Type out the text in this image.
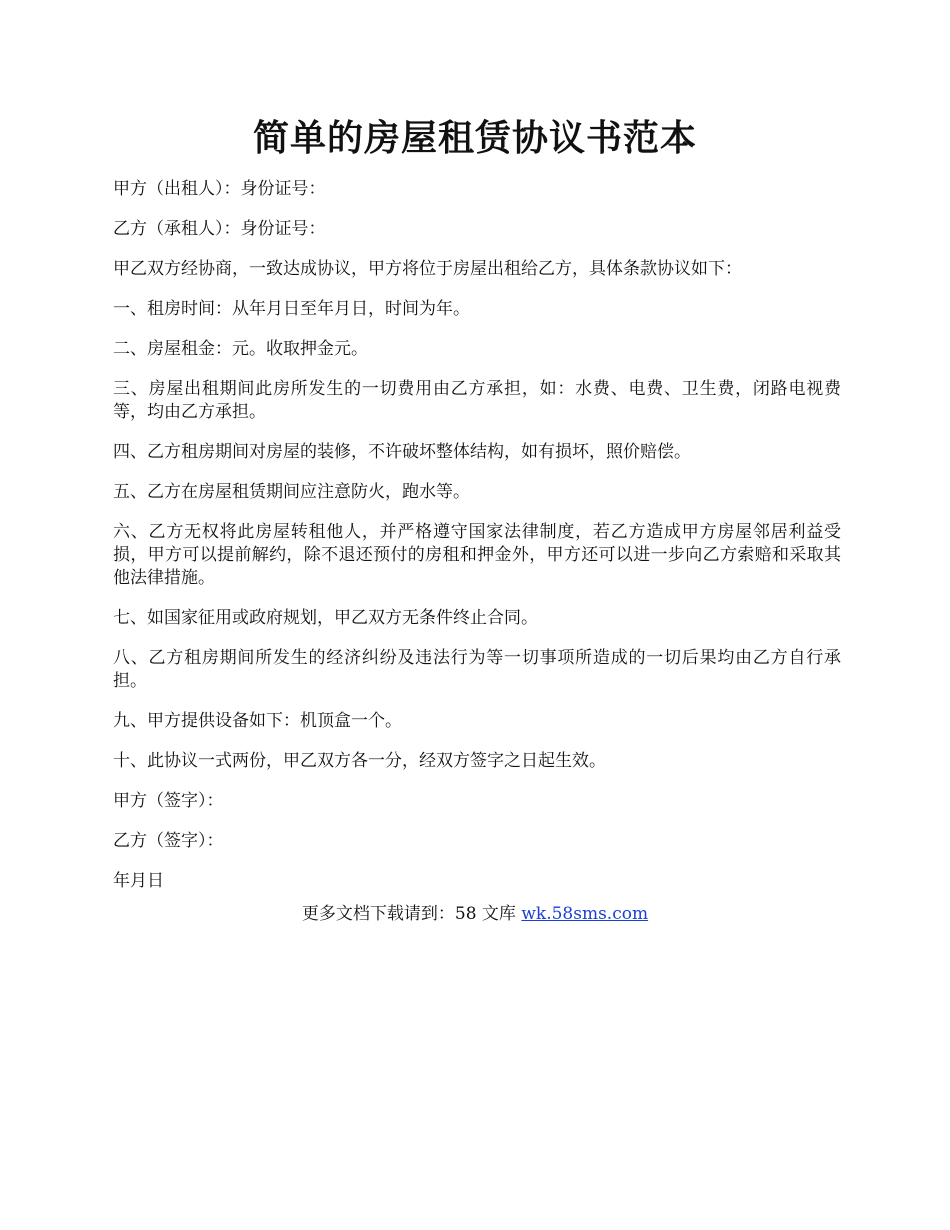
简单的房屋租赁协议书范本

甲方（出租人）：身份证号：

乙方（承租人）：身份证号：

甲乙双方经协商，一致达成协议，甲方将位于房屋出租给乙方，具体条款协议如下：

一、租房时间：从年月日至年月日，时间为年。

二、房屋租金：元。收取押金元。

三、房屋出租期间此房所发生的一切费用由乙方承担，如：水费、电费、卫生费，闭路电视费等，均由乙方承担。

四、乙方租房期间对房屋的装修，不许破坏整体结构，如有损坏，照价赔偿。

五、乙方在房屋租赁期间应注意防火，跑水等。

六、乙方无权将此房屋转租他人，并严格遵守国家法律制度，若乙方造成甲方房屋邻居利益受损，甲方可以提前解约，除不退还预付的房租和押金外，甲方还可以进一步向乙方索赔和采取其他法律措施。

七、如国家征用或政府规划，甲乙双方无条件终止合同。

八、乙方租房期间所发生的经济纠纷及违法行为等一切事项所造成的一切后果均由乙方自行承担。

九、甲方提供设备如下：机顶盒一个。

十、此协议一式两份，甲乙双方各一分，经双方签字之日起生效。

甲方（签字）：

乙方（签字）：

年月日

更多文档下载请到：58 文库 wk.58sms.com
